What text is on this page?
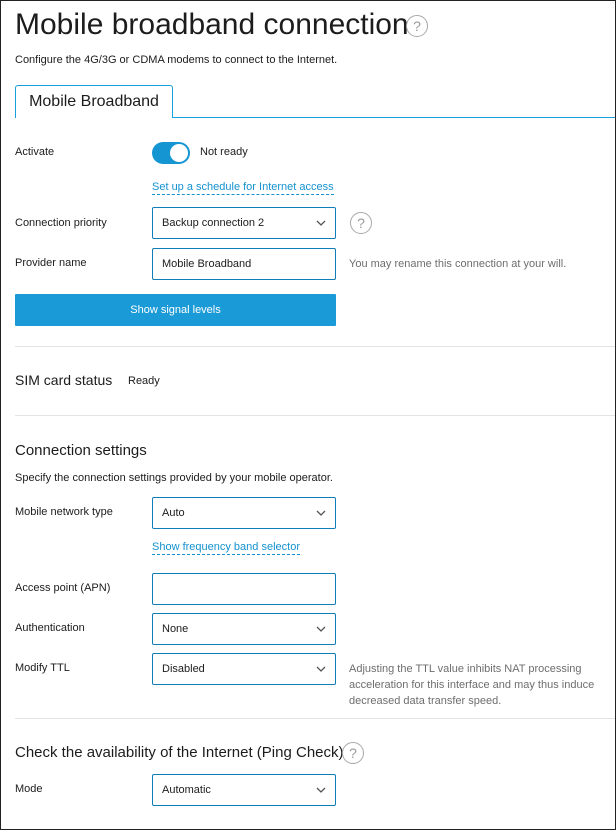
Mobile broadband connection ?
Configure the 4G/3G or CDMA modems to connect to the Internet.
Mobile Broadband
Activate	Not ready
Set up a schedule for Internet access
Connection priority	Backup connection 2	?
Provider name	Mobile Broadband	You may rename this connection at your will.
Show signal levels
SIM card status Ready
Connection settings
Specify the connection settings provided by your mobile operator.
Mobile network type	Auto
Show frequency band selector
Access point (APN)
Authentication	None
Modify TTL	Disabled	Adjusting the TTL value inhibits NAT processing acceleration for this interface and may thus induce decreased data transfer speed.
Check the availability of the Internet (Ping Check) ?
Mode	Automatic
